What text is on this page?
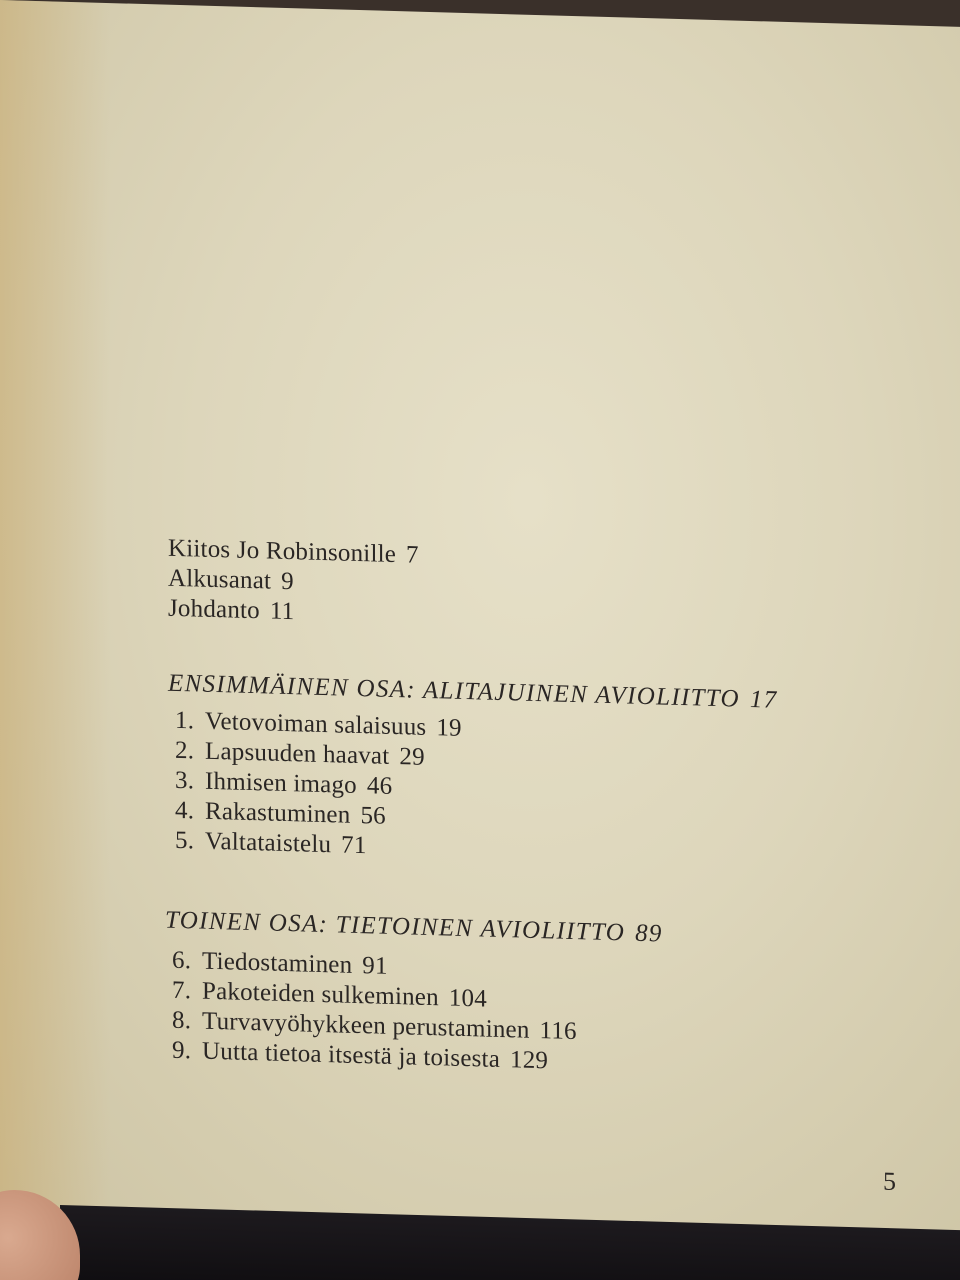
Kiitos Jo Robinsonille 7
Alkusanat 9
Johdanto 11
ENSIMMÄINEN OSA: ALITAJUINEN AVIOLIITTO 17
1. Vetovoiman salaisuus 19
2. Lapsuuden haavat 29
3. Ihmisen imago 46
4. Rakastuminen 56
5. Valtataistelu 71
TOINEN OSA: TIETOINEN AVIOLIITTO 89
6. Tiedostaminen 91
7. Pakoteiden sulkeminen 104
8. Turvavyöhykkeen perustaminen 116
9. Uutta tietoa itsestä ja toisesta 129
5
